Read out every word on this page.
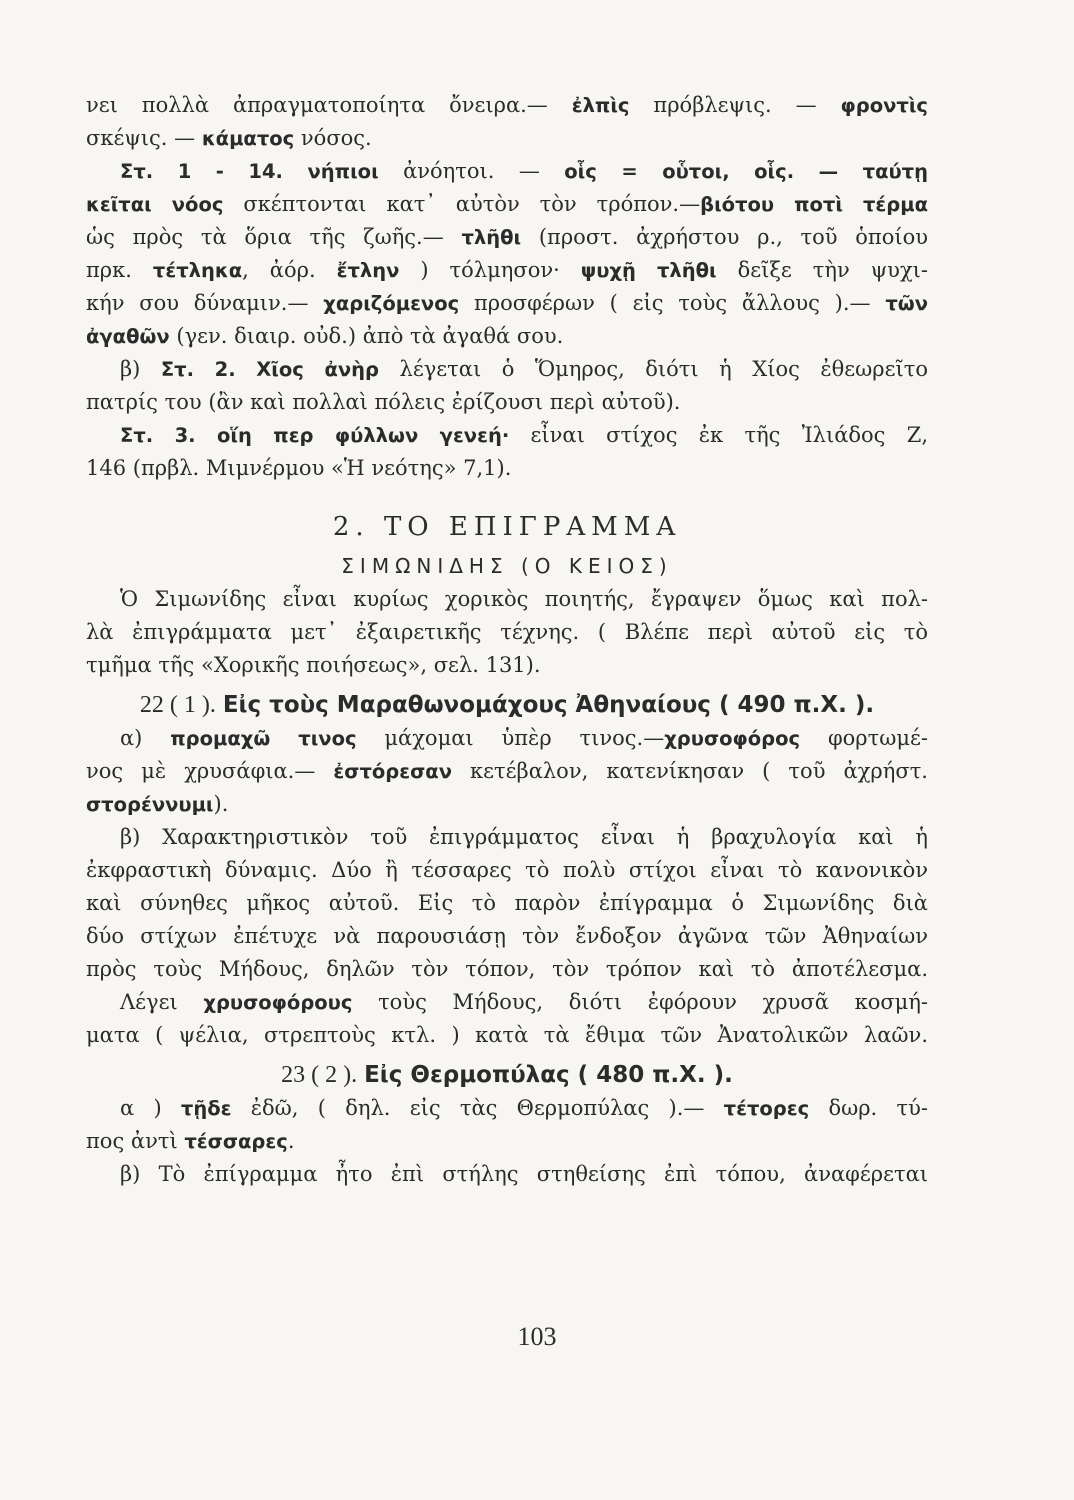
νει πολλὰ ἀπραγματοποίητα ὄνειρα.— ἐλπὶς πρόβλεψις. — φροντὶς
σκέψις. — κάματος νόσος.
Στ. 1 - 14. νήπιοι ἀνόητοι. — οἷς = οὗτοι, οἷς. — ταύτῃ
κεῖται νόος σκέπτονται κατ᾽ αὐτὸν τὸν τρόπον.—βιότου ποτὶ τέρμα
ὡς πρὸς τὰ ὅρια τῆς ζωῆς.— τλῆθι (προστ. ἀχρήστου ρ., τοῦ ὁποίου
πρκ. τέτληκα, ἀόρ. ἔτλην ) τόλμησον· ψυχῇ τλῆθι δεῖξε τὴν ψυχι-
κήν σου δύναμιν.— χαριζόμενος προσφέρων ( εἰς τοὺς ἄλλους ).— τῶν
ἀγαθῶν (γεν. διαιρ. οὐδ.) ἀπὸ τὰ ἀγαθά σου.
β) Στ. 2. Χῖος ἀνὴρ λέγεται ὁ Ὅμηρος, διότι ἡ Χίος ἐθεωρεῖτο
πατρίς του (ἂν καὶ πολλαὶ πόλεις ἐρίζουσι περὶ αὐτοῦ).
Στ. 3. οἵη περ φύλλων γενεή· εἶναι στίχος ἐκ τῆς Ἰλιάδος Ζ,
146 (πρβλ. Μιμνέρμου «Ἡ νεότης» 7,1).
2. ΤΟ ΕΠΙΓΡΑΜΜΑ
ΣΙΜΩΝΙΔΗΣ (Ο ΚΕΙΟΣ)
Ὁ Σιμωνίδης εἶναι κυρίως χορικὸς ποιητής, ἔγραψεν ὅμως καὶ πολ-
λὰ ἐπιγράμματα μετ᾽ ἐξαιρετικῆς τέχνης. ( Βλέπε περὶ αὐτοῦ εἰς τὸ
τμῆμα τῆς «Χορικῆς ποιήσεως», σελ. 131).
22 ( 1 ). Εἰς τοὺς Μαραθωνομάχους Ἀθηναίους ( 490 π.Χ. ).
α) προμαχῶ τινος μάχομαι ὑπὲρ τινος.—χρυσοφόρος φορτωμέ-
νος μὲ χρυσάφια.— ἐστόρεσαν κετέβαλον, κατενίκησαν ( τοῦ ἀχρήστ.
στορέννυμι).
β) Χαρακτηριστικὸν τοῦ ἐπιγράμματος εἶναι ἡ βραχυλογία καὶ ἡ
ἐκφραστικὴ δύναμις. Δύο ἢ τέσσαρες τὸ πολὺ στίχοι εἶναι τὸ κανονικὸν
καὶ σύνηθες μῆκος αὐτοῦ. Εἰς τὸ παρὸν ἐπίγραμμα ὁ Σιμωνίδης διὰ
δύο στίχων ἐπέτυχε νὰ παρουσιάσῃ τὸν ἔνδοξον ἀγῶνα τῶν Ἀθηναίων
πρὸς τοὺς Μήδους, δηλῶν τὸν τόπον, τὸν τρόπον καὶ τὸ ἀποτέλεσμα.
Λέγει χρυσοφόρους τοὺς Μήδους, διότι ἐφόρουν χρυσᾶ κοσμή-
ματα ( ψέλια, στρεπτοὺς κτλ. ) κατὰ τὰ ἔθιμα τῶν Ἀνατολικῶν λαῶν.
23 ( 2 ). Εἰς Θερμοπύλας ( 480 π.Χ. ).
α ) τῇδε ἐδῶ, ( δηλ. εἰς τὰς Θερμοπύλας ).— τέτορες δωρ. τύ-
πος ἀντὶ τέσσαρες.
β) Τὸ ἐπίγραμμα ἦτο ἐπὶ στήλης στηθείσης ἐπὶ τόπου, ἀναφέρεται
103
